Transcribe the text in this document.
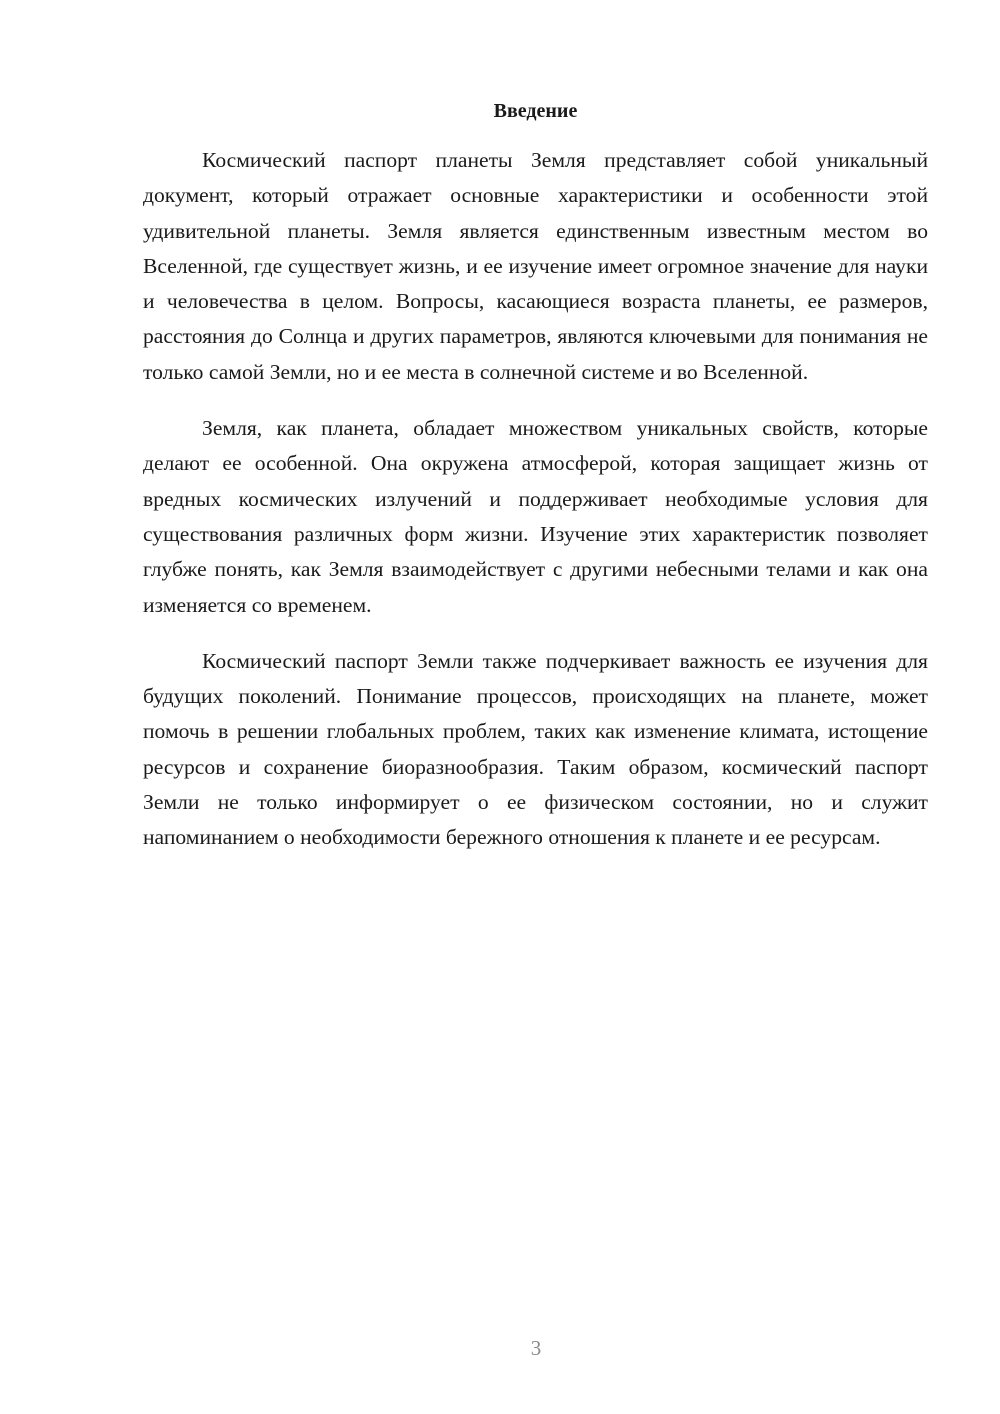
Введение

Космический паспорт планеты Земля представляет собой уникальный документ, который отражает основные характеристики и особенности этой удивительной планеты. Земля является единственным известным местом во Вселенной, где существует жизнь, и ее изучение имеет огромное значение для науки и человечества в целом. Вопросы, касающиеся возраста планеты, ее размеров, расстояния до Солнца и других параметров, являются ключевыми для понимания не только самой Земли, но и ее места в солнечной системе и во Вселенной.

Земля, как планета, обладает множеством уникальных свойств, которые делают ее особенной. Она окружена атмосферой, которая защищает жизнь от вредных космических излучений и поддерживает необходимые условия для существования различных форм жизни. Изучение этих характеристик позволяет глубже понять, как Земля взаимодействует с другими небесными телами и как она изменяется со временем.

Космический паспорт Земли также подчеркивает важность ее изучения для будущих поколений. Понимание процессов, происходящих на планете, может помочь в решении глобальных проблем, таких как изменение климата, истощение ресурсов и сохранение биоразнообразия. Таким образом, космический паспорт Земли не только информирует о ее физическом состоянии, но и служит напоминанием о необходимости бережного отношения к планете и ее ресурсам.

3
